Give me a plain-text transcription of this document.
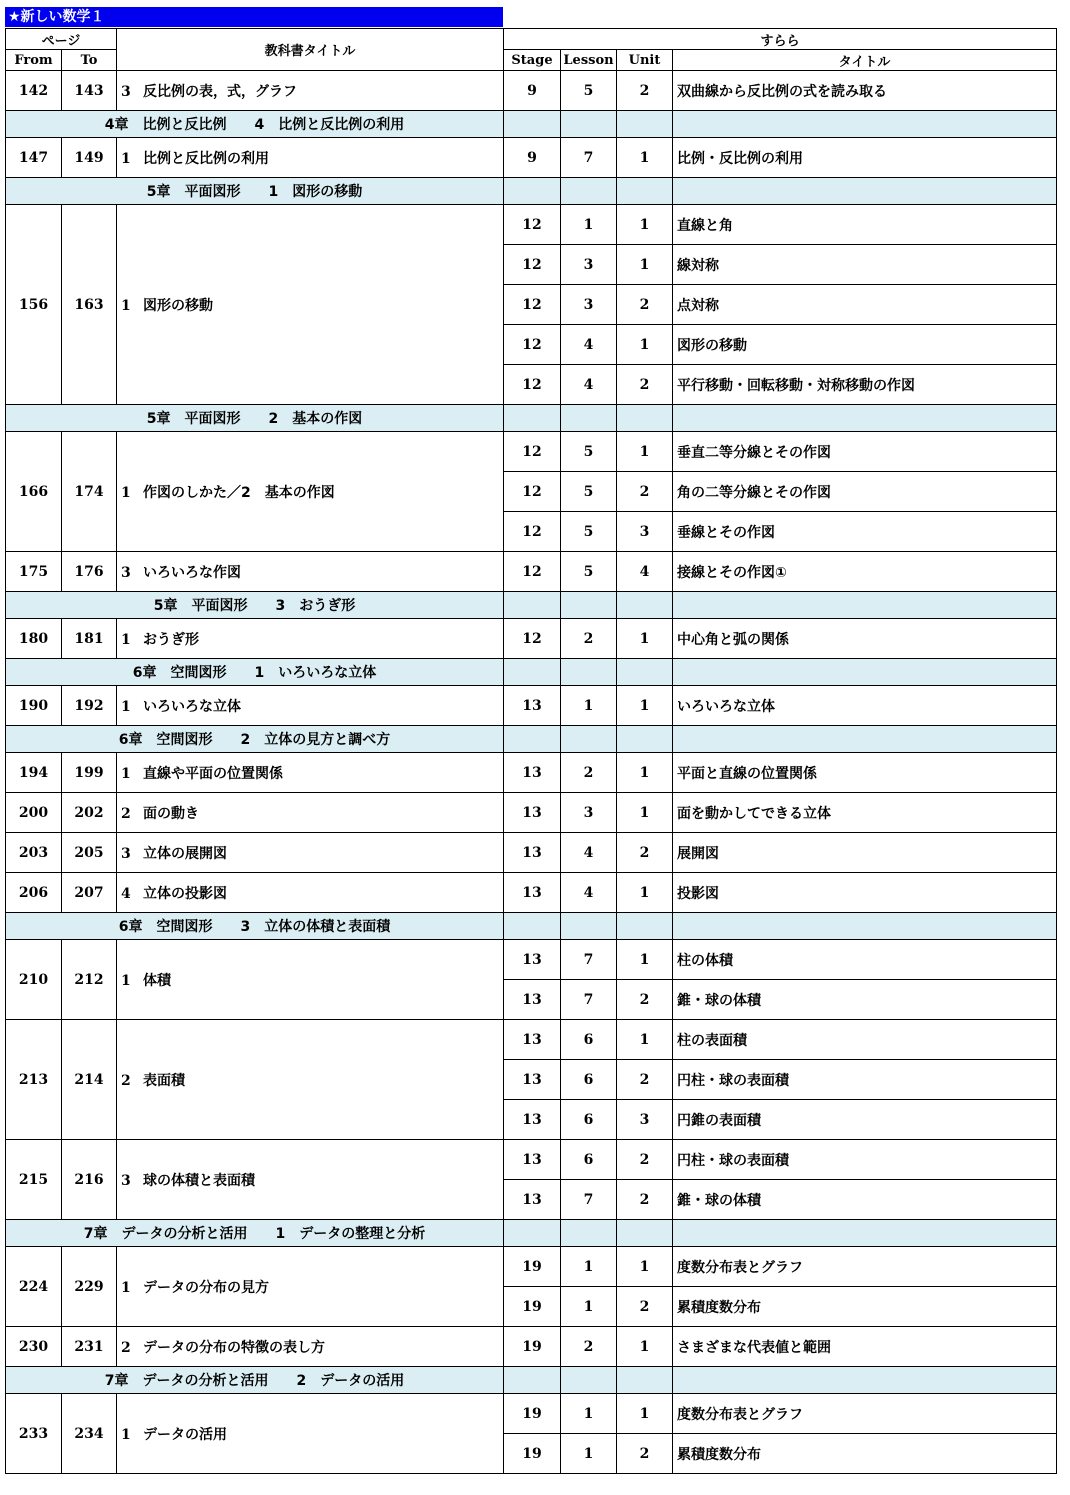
★新しい数学１
ページ		教科書タイトル	すらら			
From	To		Stage	Lesson	Unit	タイトル
142	143	3 反比例の表，式，グラフ	9	5	2	双曲線から反比例の式を読み取る
4章　比例と反比例　　4　比例と反比例の利用						
147	149	1 比例と反比例の利用	9	7	1	比例・反比例の利用
5章　平面図形　　1　図形の移動						
156	163	1 図形の移動	12	1	1	直線と角
			12	3	1	線対称
			12	3	2	点対称
			12	4	1	図形の移動
			12	4	2	平行移動・回転移動・対称移動の作図
5章　平面図形　　2　基本の作図						
166	174	1 作図のしかた／2　基本の作図	12	5	1	垂直二等分線とその作図
			12	5	2	角の二等分線とその作図
			12	5	3	垂線とその作図
175	176	3 いろいろな作図	12	5	4	接線とその作図①
5章　平面図形　　3　おうぎ形						
180	181	1 おうぎ形	12	2	1	中心角と弧の関係
6章　空間図形　　1　いろいろな立体						
190	192	1 いろいろな立体	13	1	1	いろいろな立体
6章　空間図形　　2　立体の見方と調べ方						
194	199	1 直線や平面の位置関係	13	2	1	平面と直線の位置関係
200	202	2 面の動き	13	3	1	面を動かしてできる立体
203	205	3 立体の展開図	13	4	2	展開図
206	207	4 立体の投影図	13	4	1	投影図
6章　空間図形　　3　立体の体積と表面積						
210	212	1 体積	13	7	1	柱の体積
			13	7	2	錐・球の体積
213	214	2 表面積	13	6	1	柱の表面積
			13	6	2	円柱・球の表面積
			13	6	3	円錐の表面積
215	216	3 球の体積と表面積	13	6	2	円柱・球の表面積
			13	7	2	錐・球の体積
7章　データの分析と活用　　1　データの整理と分析						
224	229	1 データの分布の見方	19	1	1	度数分布表とグラフ
			19	1	2	累積度数分布
230	231	2 データの分布の特徴の表し方	19	2	1	さまざまな代表値と範囲
7章　データの分析と活用　　2　データの活用						
233	234	1 データの活用	19	1	1	度数分布表とグラフ
			19	1	2	累積度数分布
